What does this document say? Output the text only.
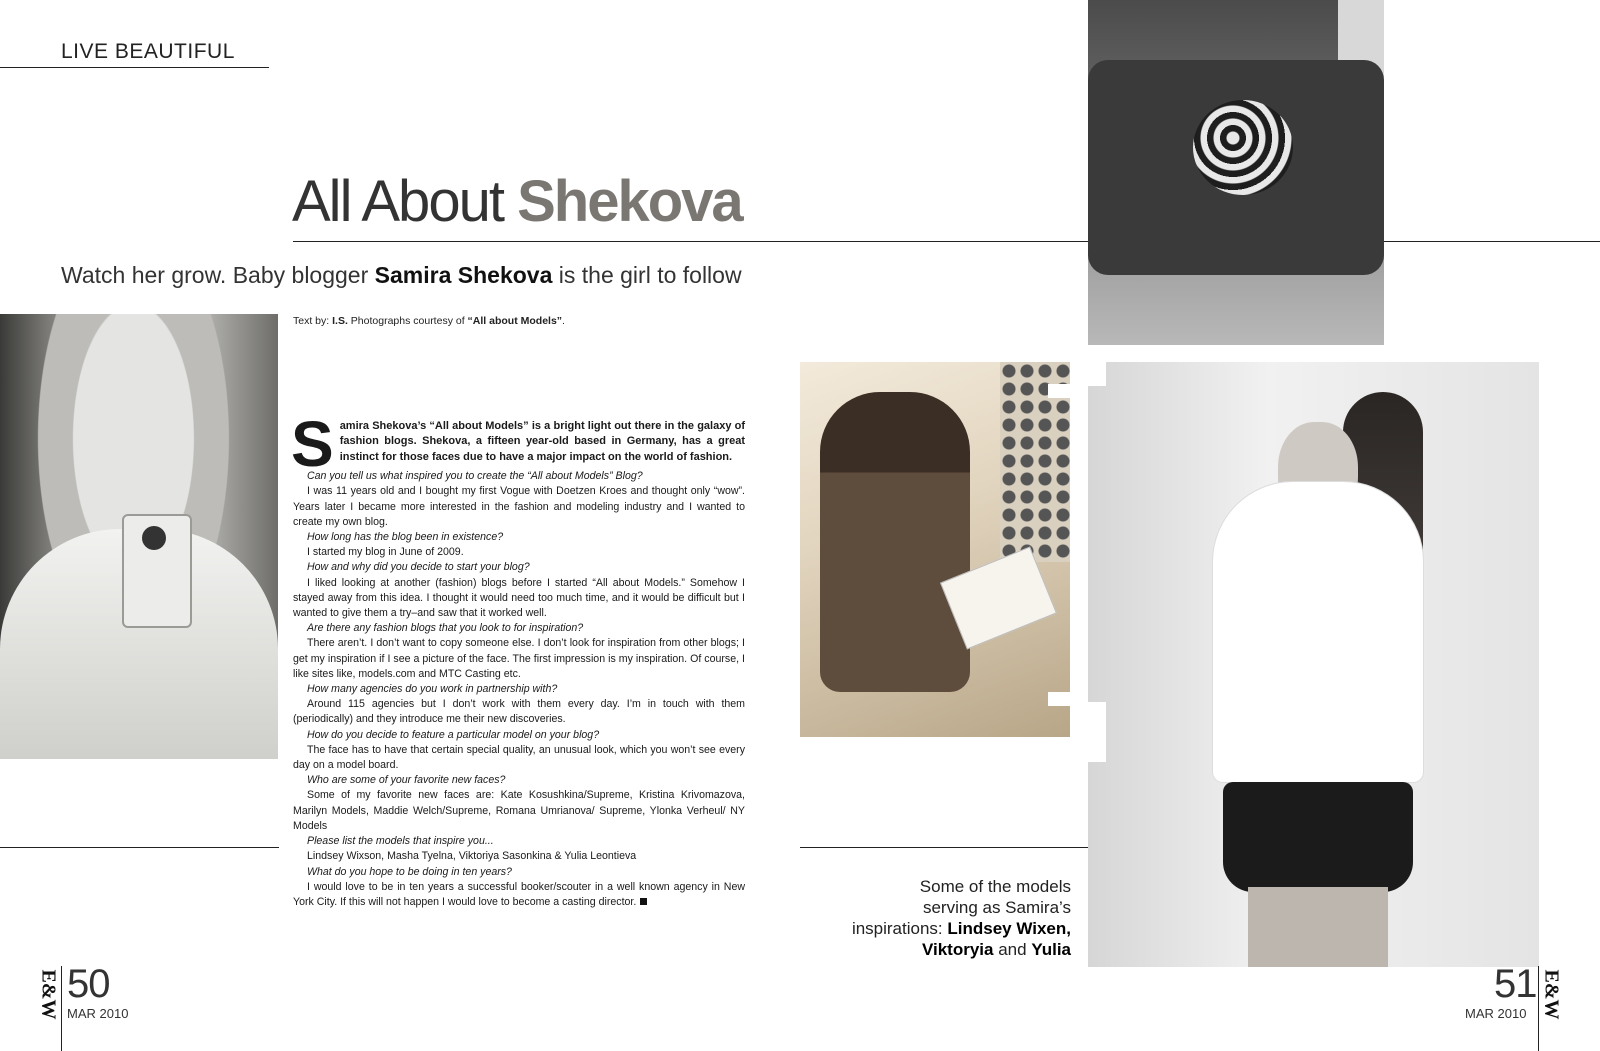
LIVE BEAUTIFUL
All About Shekova
Watch her grow. Baby blogger Samira Shekova is the girl to follow
Text by: I.S. Photographs courtesy of “All about Models”.
Samira Shekova’s “All about Models” is a bright light out there in the galaxy of fashion blogs. Shekova, a fifteen year-old based in Germany, has a great instinct for those faces due to have a major impact on the world of fashion.

Can you tell us what inspired you to create the “All about Models” Blog?

I was 11 years old and I bought my first Vogue with Doetzen Kroes and thought only “wow”. Years later I became more interested in the fashion and modeling industry and I wanted to create my own blog.

How long has the blog been in existence?

I started my blog in June of 2009.

How and why did you decide to start your blog?

I liked looking at another (fashion) blogs before I started “All about Models.” Somehow I stayed away from this idea. I thought it would need too much time, and it would be difficult but I wanted to give them a try–and saw that it worked well.

Are there any fashion blogs that you look to for inspiration?

There aren’t. I don’t want to copy someone else. I don’t look for inspiration from other blogs; I get my inspiration if I see a picture of the face. The first impression is my inspiration. Of course, I like sites like, models.com and MTC Casting etc.

How many agencies do you work in partnership with?

Around 115 agencies but I don’t work with them every day. I’m in touch with them (periodically) and they introduce me their new discoveries.

How do you decide to feature a particular model on your blog?

The face has to have that certain special quality, an unusual look, which you won’t see every day on a model board.

Who are some of your favorite new faces?

Some of my favorite new faces are: Kate Kosushkina/Supreme, Kristina Krivomazova, Marilyn Models, Maddie Welch/Supreme, Romana Umrianova/ Supreme, Ylonka Verheul/ NY Models

Please list the models that inspire you...

Lindsey Wixson, Masha Tyelna, Viktoriya Sasonkina & Yulia Leontieva

What do you hope to be doing in ten years?

I would love to be in ten years a successful booker/scouter in a well known agency in New York City. If this will not happen I would love to become a casting director.

Some of the models
serving as Samira’s
inspirations: Lindsey Wixen,
Viktoryia and Yulia
E&W 50
MAR 2010	E&W
51
MAR 2010
